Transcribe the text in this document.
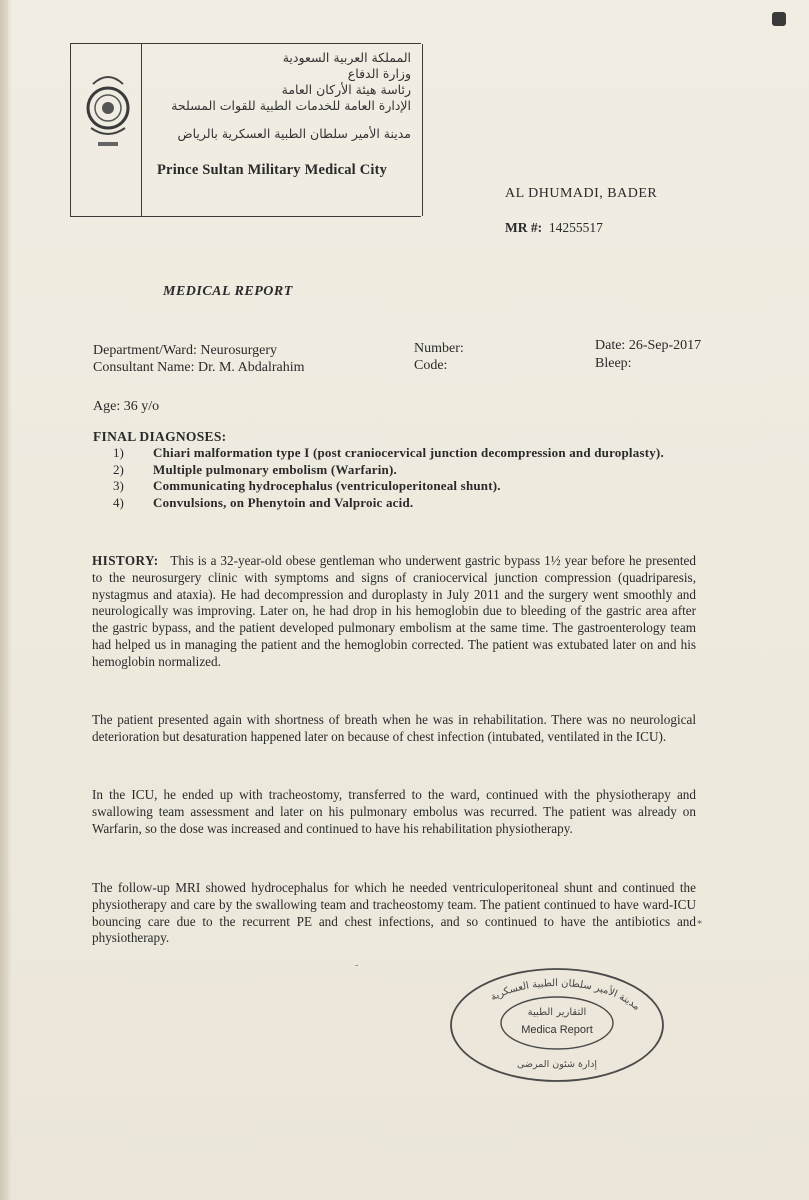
المملكة العربية السعودية
وزارة الدفاع
رئاسة هيئة الأركان العامة
الإدارة العامة للخدمات الطبية للقوات المسلحة
مدينة الأمير سلطان الطبية العسكرية بالرياض
Prince Sultan Military Medical City
AL DHUMADI, BADER
MR #: 14255517
MEDICAL REPORT
Department/Ward: Neurosurgery
Consultant Name: Dr. M. Abdalrahim
Number:
Code:
Date: 26-Sep-2017
Bleep:
Age: 36 y/o
FINAL DIAGNOSES:
1)	Chiari malformation type I (post craniocervical junction decompression and duroplasty).
2)	Multiple pulmonary embolism (Warfarin).
3)	Communicating hydrocephalus (ventriculoperitoneal shunt).
4)	Convulsions, on Phenytoin and Valproic acid.
HISTORY: This is a 32-year-old obese gentleman who underwent gastric bypass 1½ year before he presented to the neurosurgery clinic with symptoms and signs of craniocervical junction compression (quadriparesis, nystagmus and ataxia). He had decompression and duroplasty in July 2011 and the surgery went smoothly and neurologically was improving. Later on, he had drop in his hemoglobin due to bleeding of the gastric area after the gastric bypass, and the patient developed pulmonary embolism at the same time. The gastroenterology team had helped us in managing the patient and the hemoglobin corrected. The patient was extubated later on and his hemoglobin normalized.
The patient presented again with shortness of breath when he was in rehabilitation. There was no neurological deterioration but desaturation happened later on because of chest infection (intubated, ventilated in the ICU).
In the ICU, he ended up with tracheostomy, transferred to the ward, continued with the physiotherapy and swallowing team assessment and later on his pulmonary embolus was recurred. The patient was already on Warfarin, so the dose was increased and continued to have his rehabilitation physiotherapy.
The follow-up MRI showed hydrocephalus for which he needed ventriculoperitoneal shunt and continued the physiotherapy and care by the swallowing team and tracheostomy team. The patient continued to have ward-ICU bouncing care due to the recurrent PE and chest infections, and so continued to have the antibiotics and physiotherapy.
*
‑
مدينة الأمير سلطان الطبية العسكرية
التقارير الطبية
Medica Report
إدارة شئون المرضى
